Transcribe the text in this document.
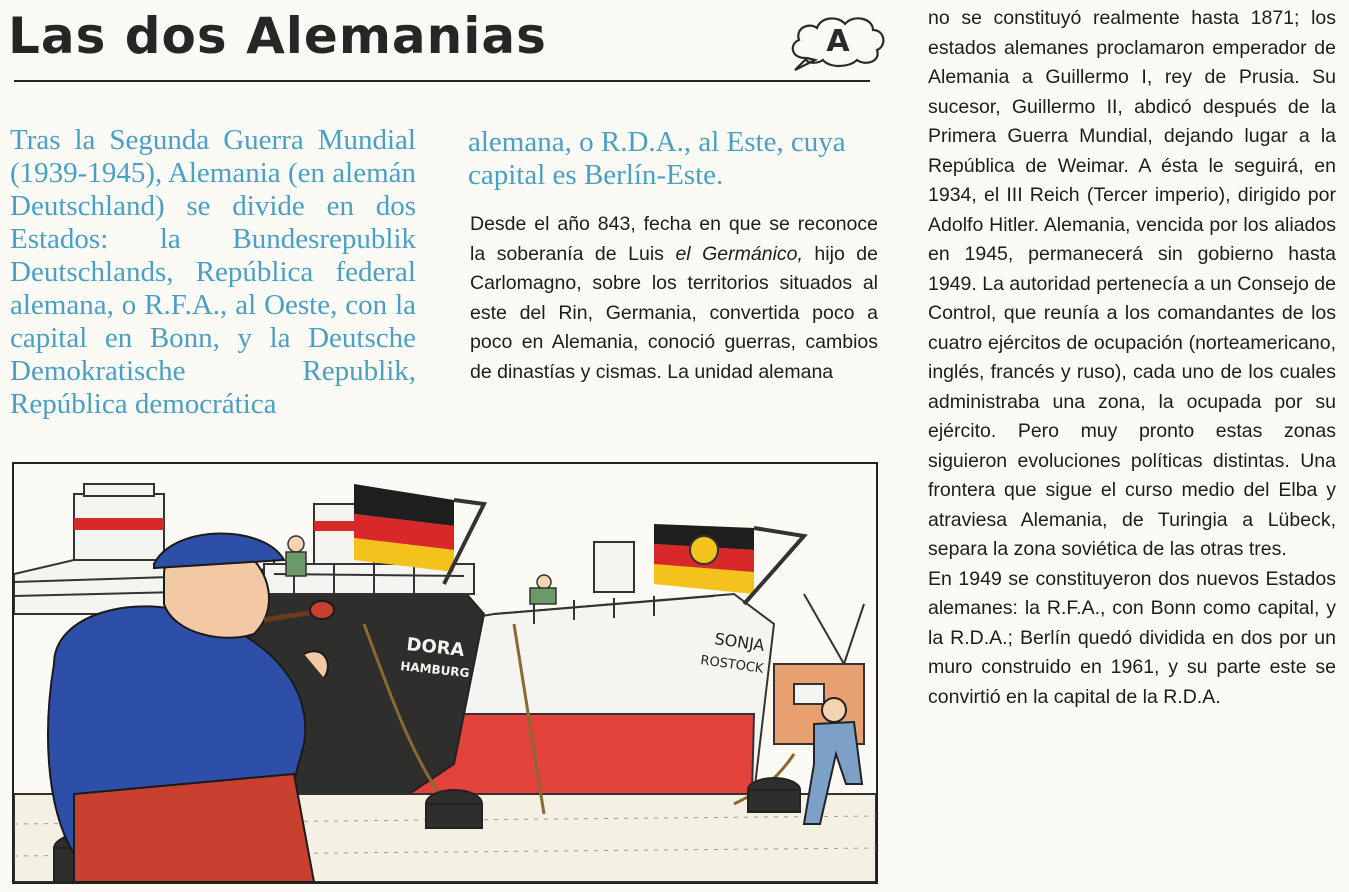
Las dos Alemanias	A

Tras la Segunda Guerra Mundial (1939-1945), Alemania (en alemán Deutschland) se divide en dos Estados: la Bundesrepublik Deutschlands, República federal alemana, o R.F.A., al Oeste, con la capital en Bonn, y la Deutsche Demokratische Republik, República democrática

alemana, o R.D.A., al Este, cuya capital es Berlín-Este.

Desde el año 843, fecha en que se reconoce la soberanía de Luis el Germánico, hijo de Carlomagno, sobre los territorios situados al este del Rin, Germania, convertida poco a poco en Alemania, conoció guerras, cambios de dinastías y cismas. La unidad alemana

no se constituyó realmente hasta 1871; los estados alemanes proclamaron emperador de Alemania a Guillermo I, rey de Prusia. Su sucesor, Guillermo II, abdicó después de la Primera Guerra Mundial, dejando lugar a la República de Weimar. A ésta le seguirá, en 1934, el III Reich (Tercer imperio), dirigido por Adolfo Hitler. Alemania, vencida por los aliados en 1945, permanecerá sin gobierno hasta 1949. La autoridad pertenecía a un Consejo de Control, que reunía a los comandantes de los cuatro ejércitos de ocupación (norteamericano, inglés, francés y ruso), cada uno de los cuales administraba una zona, la ocupada por su ejército. Pero muy pronto estas zonas siguieron evoluciones políticas distintas. Una frontera que sigue el curso medio del Elba y atraviesa Alemania, de Turingia a Lübeck, separa la zona soviética de las otras tres.

En 1949 se constituyeron dos nuevos Estados alemanes: la R.F.A., con Bonn como capital, y la R.D.A.; Berlín quedó dividida en dos por un muro construido en 1961, y su parte este se convirtió en la capital de la R.D.A.

SONJA
ROSTOCK
DORA
HAMBURG
